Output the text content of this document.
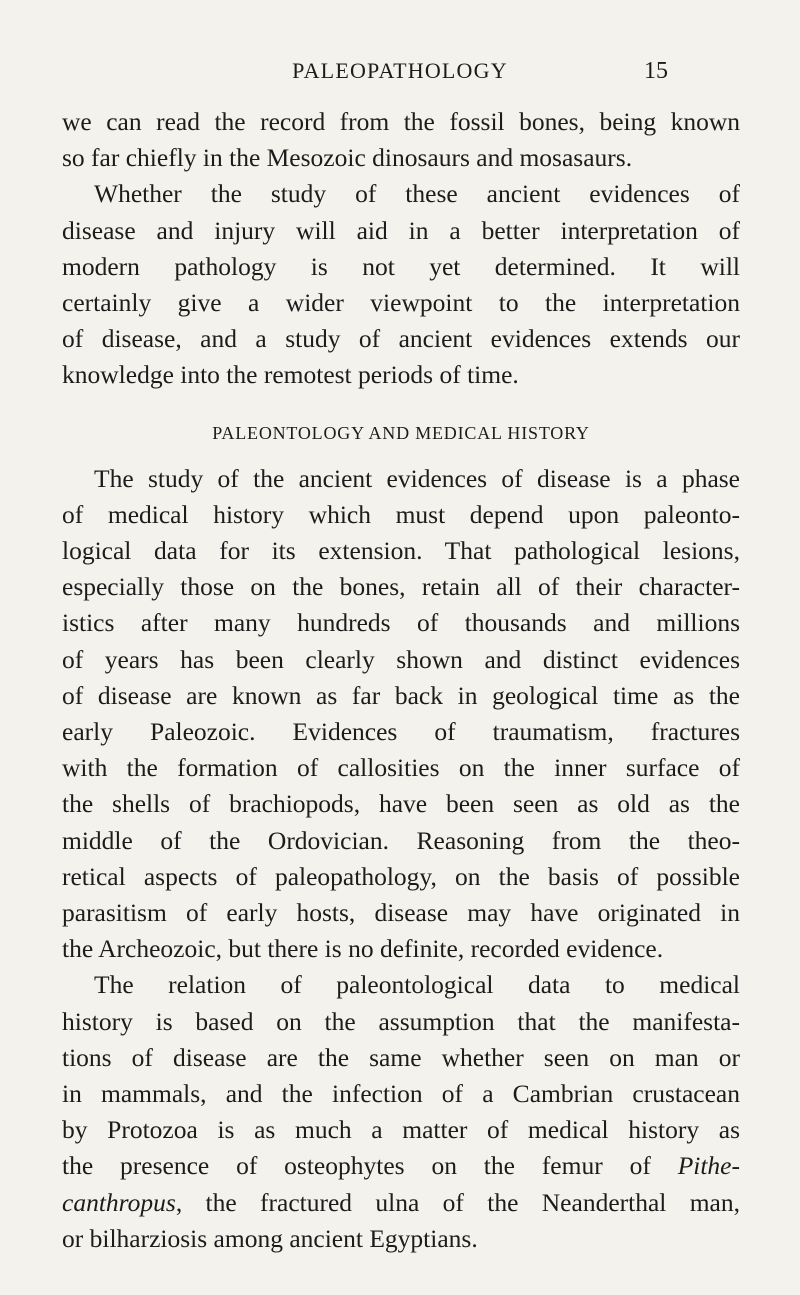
PALEOPATHOLOGY	15

we can read the record from the fossil bones, being known
so far chiefly in the Mesozoic dinosaurs and mosasaurs.
Whether the study of these ancient evidences of
disease and injury will aid in a better interpretation of
modern pathology is not yet determined. It will
certainly give a wider viewpoint to the interpretation
of disease, and a study of ancient evidences extends our
knowledge into the remotest periods of time.

PALEONTOLOGY AND MEDICAL HISTORY

The study of the ancient evidences of disease is a phase
of medical history which must depend upon paleonto-
logical data for its extension. That pathological lesions,
especially those on the bones, retain all of their character-
istics after many hundreds of thousands and millions
of years has been clearly shown and distinct evidences
of disease are known as far back in geological time as the
early Paleozoic. Evidences of traumatism, fractures
with the formation of callosities on the inner surface of
the shells of brachiopods, have been seen as old as the
middle of the Ordovician. Reasoning from the theo-
retical aspects of paleopathology, on the basis of possible
parasitism of early hosts, disease may have originated in
the Archeozoic, but there is no definite, recorded evidence.

The relation of paleontological data to medical
history is based on the assumption that the manifesta-
tions of disease are the same whether seen on man or
in mammals, and the infection of a Cambrian crustacean
by Protozoa is as much a matter of medical history as
the presence of osteophytes on the femur of Pithe-
canthropus, the fractured ulna of the Neanderthal man,
or bilharziosis among ancient Egyptians.
